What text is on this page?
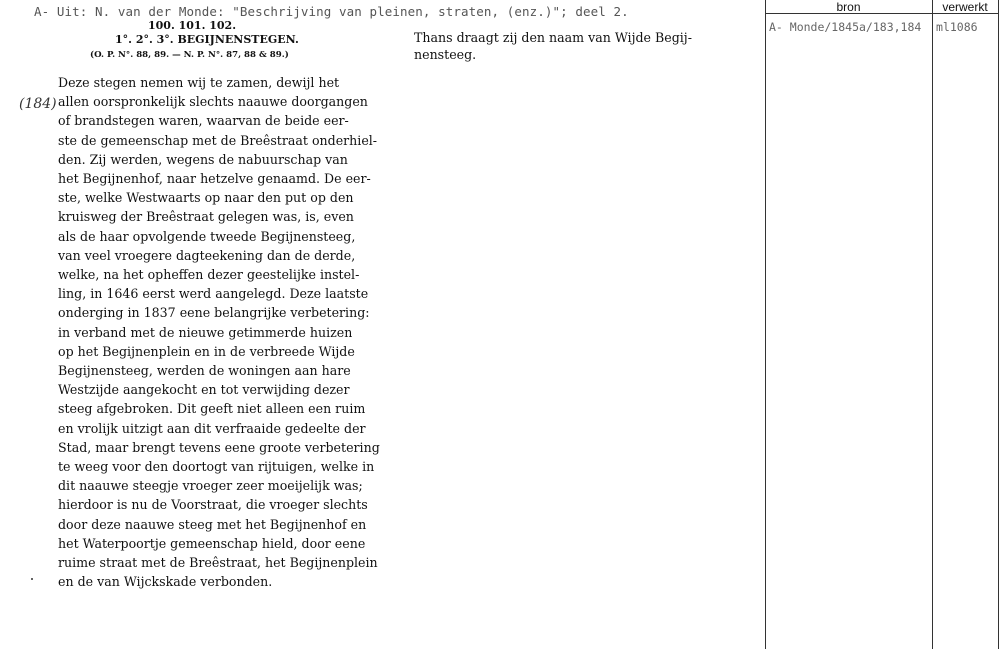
A- Uit: N. van der Monde: "Beschrijving van pleinen, straten, (enz.)"; deel 2.
100. 101. 102.
1°. 2°. 3°. BEGIJNENSTEGEN.
(O. P. N°. 88, 89. — N. P. N°. 87, 88 & 89.)
(184)
Deze stegen nemen wij te zamen, dewijl het
allen oorspronkelijk slechts naauwe doorgangen
of brandstegen waren, waarvan de beide eer-
ste de gemeenschap met de Breêstraat onderhiel-
den. Zij werden, wegens de nabuurschap van
het Begijnenhof, naar hetzelve genaamd. De eer-
ste, welke Westwaarts op naar den put op den
kruisweg der Breêstraat gelegen was, is, even
als de haar opvolgende tweede Begijnensteeg,
van veel vroegere dagteekening dan de derde,
welke, na het opheffen dezer geestelijke instel-
ling, in 1646 eerst werd aangelegd. Deze laatste
onderging in 1837 eene belangrijke verbetering:
in verband met de nieuwe getimmerde huizen
op het Begijnenplein en in de verbreede Wijde
Begijnensteeg, werden de woningen aan hare
Westzijde aangekocht en tot verwijding dezer
steeg afgebroken. Dit geeft niet alleen een ruim
en vrolijk uitzigt aan dit verfraaide gedeelte der
Stad, maar brengt tevens eene groote verbetering
te weeg voor den doortogt van rijtuigen, welke in
dit naauwe steegje vroeger zeer moeijelijk was;
hierdoor is nu de Voorstraat, die vroeger slechts
door deze naauwe steeg met het Begijnenhof en
het Waterpoortje gemeenschap hield, door eene
ruime straat met de Breêstraat, het Begijnenplein
en de van Wijckskade verbonden.
Thans draagt zij den naam van Wijde Begij-
nensteeg.
bron	verwerkt
A- Monde/1845a/183,184 ml1086
